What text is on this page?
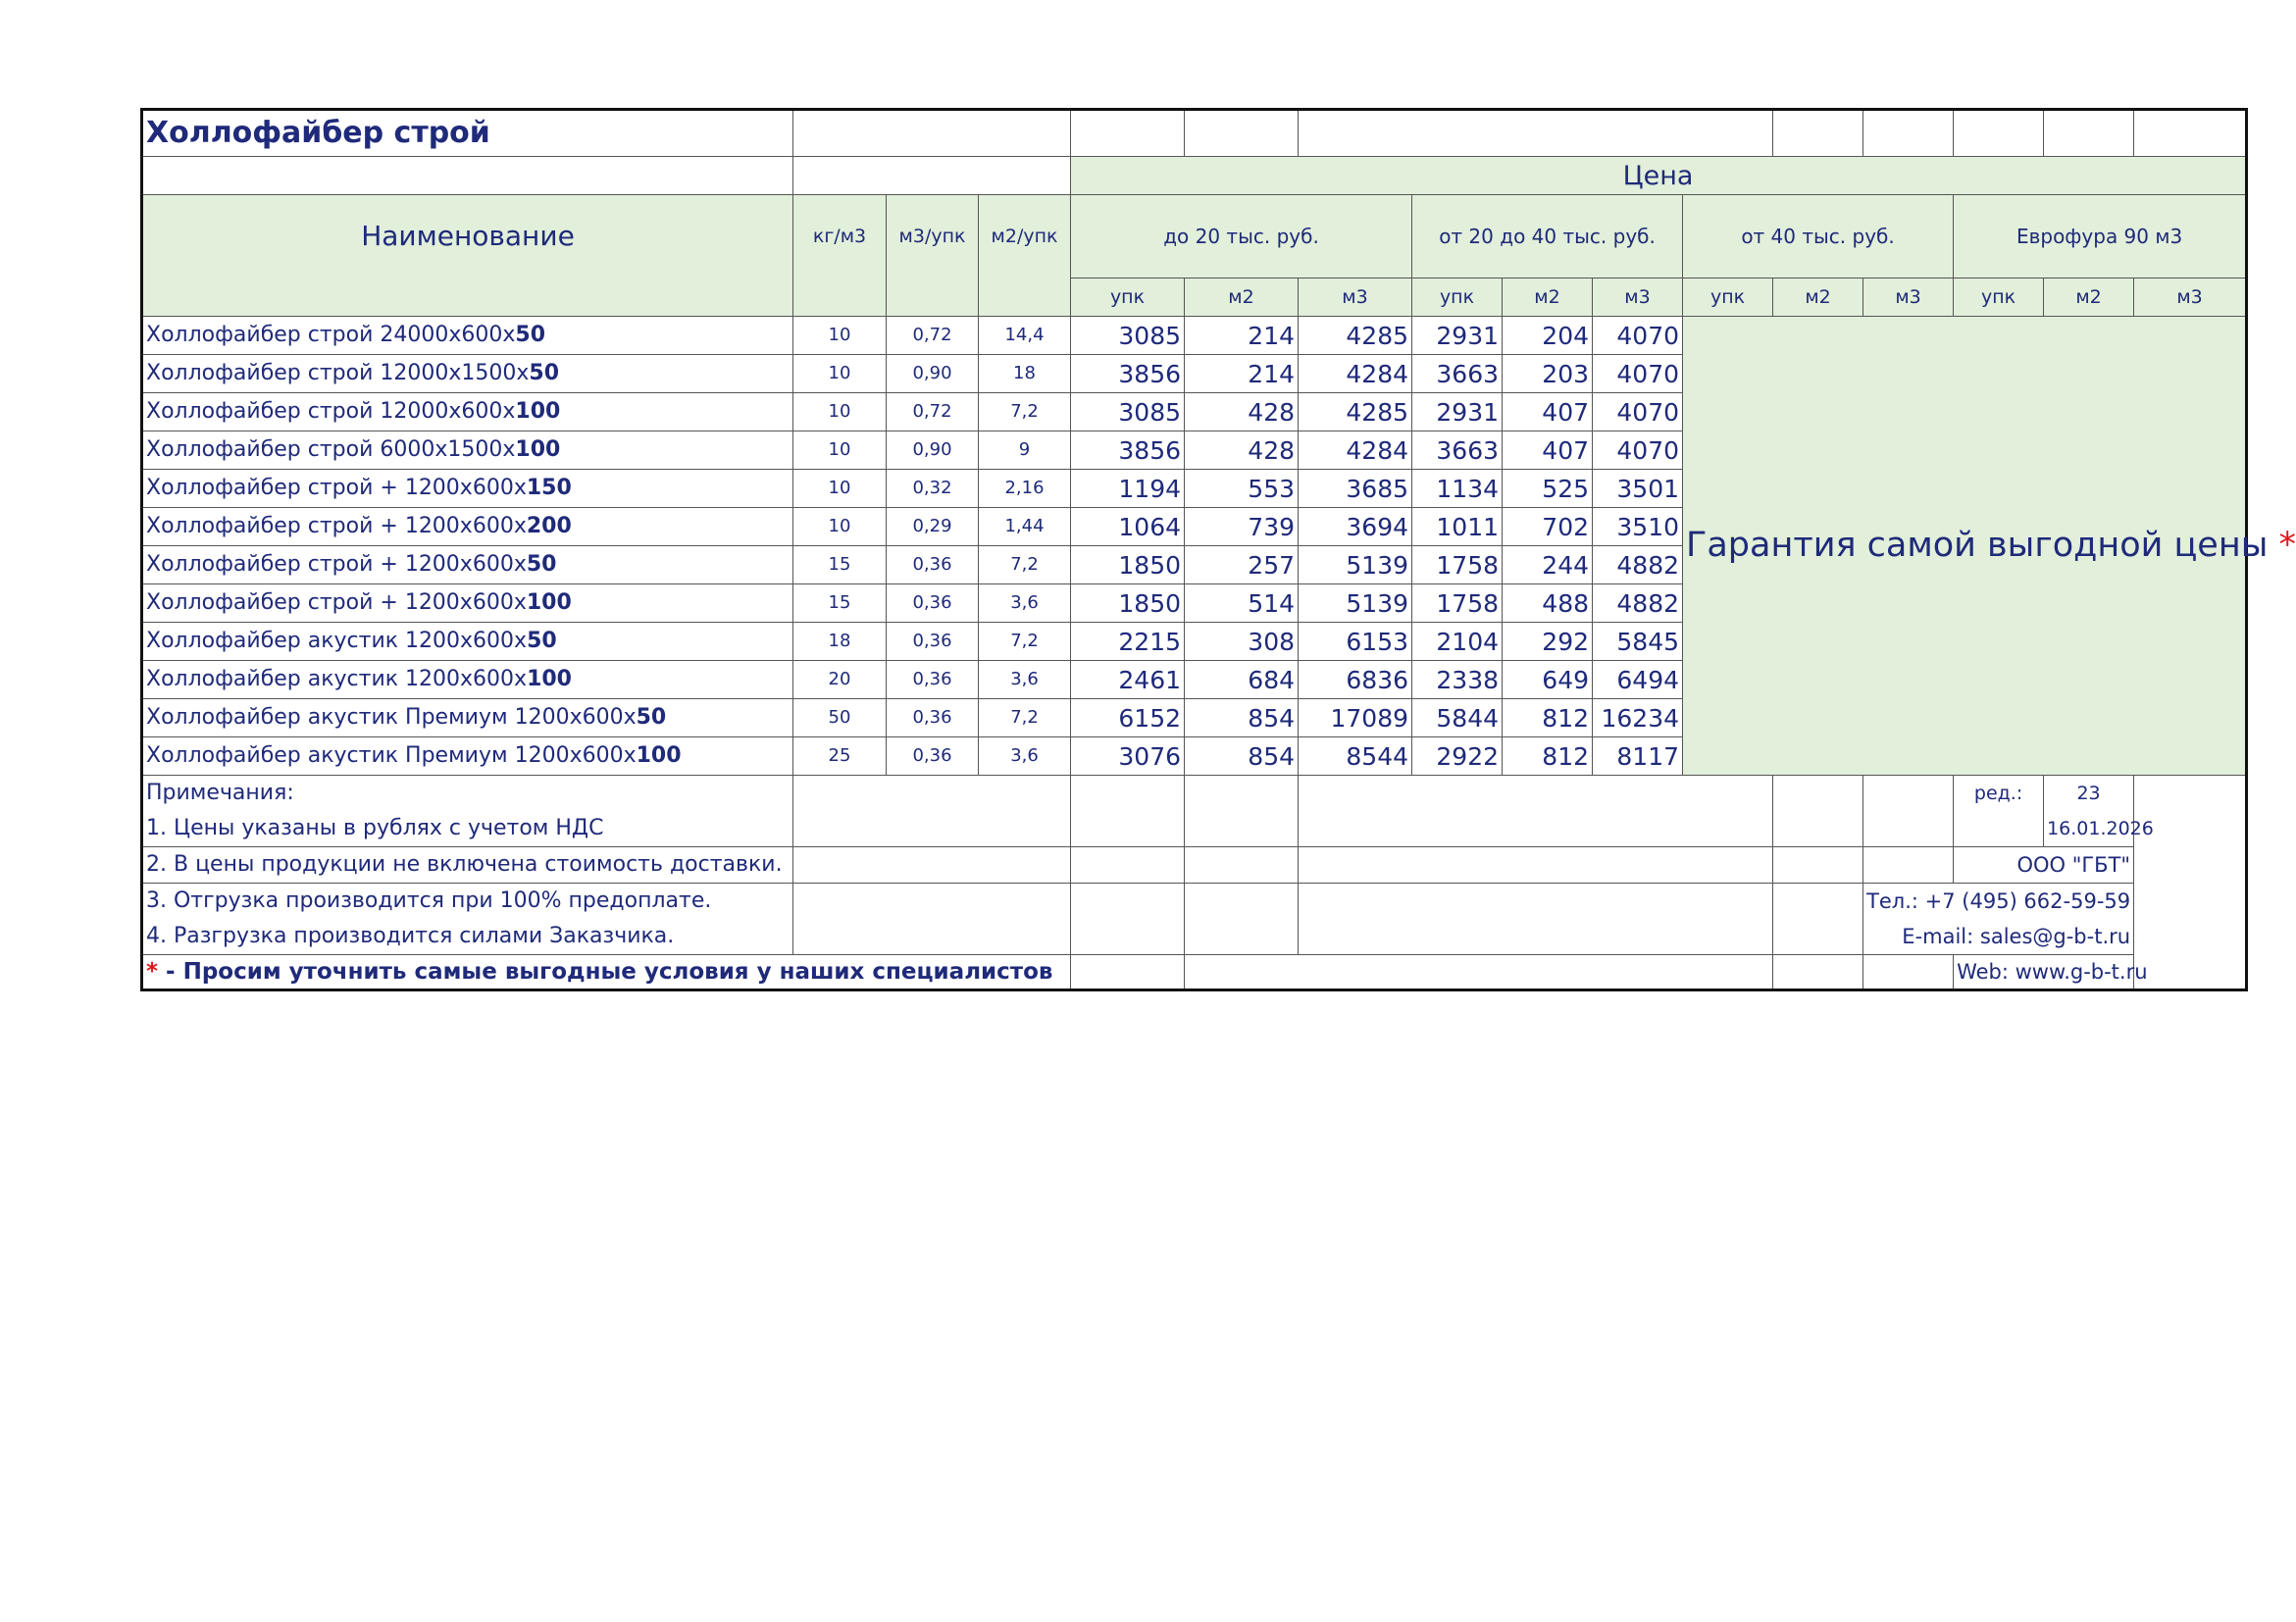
Холлофайбер строй															
				Цена											
Наименование	кг/м3	м3/упк	м2/упк	до 20 тыс. руб.			от 20 до 40 тыс. руб.			от 40 тыс. руб.			Еврофура 90 м3		
				упк	м2	м3	упк	м2	м3	упк	м2	м3	упк	м2	м3
Холлофайбер строй 24000х600х50	10	0,72	14,4	3085	214	4285	2931	204	4070	Гарантия самой выгодной цены *					
Холлофайбер строй 12000х1500х50	10	0,90	18	3856	214	4284	3663	203	4070						
Холлофайбер строй 12000х600х100	10	0,72	7,2	3085	428	4285	2931	407	4070						
Холлофайбер строй 6000х1500х100	10	0,90	9	3856	428	4284	3663	407	4070						
Холлофайбер строй + 1200х600х150	10	0,32	2,16	1194	553	3685	1134	525	3501						
Холлофайбер строй + 1200х600х200	10	0,29	1,44	1064	739	3694	1011	702	3510						
Холлофайбер строй + 1200х600х50	15	0,36	7,2	1850	257	5139	1758	244	4882						
Холлофайбер строй + 1200х600х100	15	0,36	3,6	1850	514	5139	1758	488	4882						
Холлофайбер акустик 1200х600х50	18	0,36	7,2	2215	308	6153	2104	292	5845						
Холлофайбер акустик 1200х600х100	20	0,36	3,6	2461	684	6836	2338	649	6494						
Холлофайбер акустик Премиум 1200х600х50	50	0,36	7,2	6152	854	17089	5844	812	16234						
Холлофайбер акустик Премиум 1200х600х100	25	0,36	3,6	3076	854	8544	2922	812	8117						
Примечания:													ред.:	23	
1. Цены указаны в рублях с учетом НДС														16.01.2026	
2. В цены продукции не включена стоимость доставки.													ООО "ГБТ"		
3. Отгрузка производится при 100% предоплате.												Тел.: +7 (495) 662-59-59			
4. Разгрузка производится силами Заказчика.												E-mail: sales@g-b-t.ru			
* - Просим уточнить самые выгодные условия у наших специалистов													Web: www.g-b-t.ru		
